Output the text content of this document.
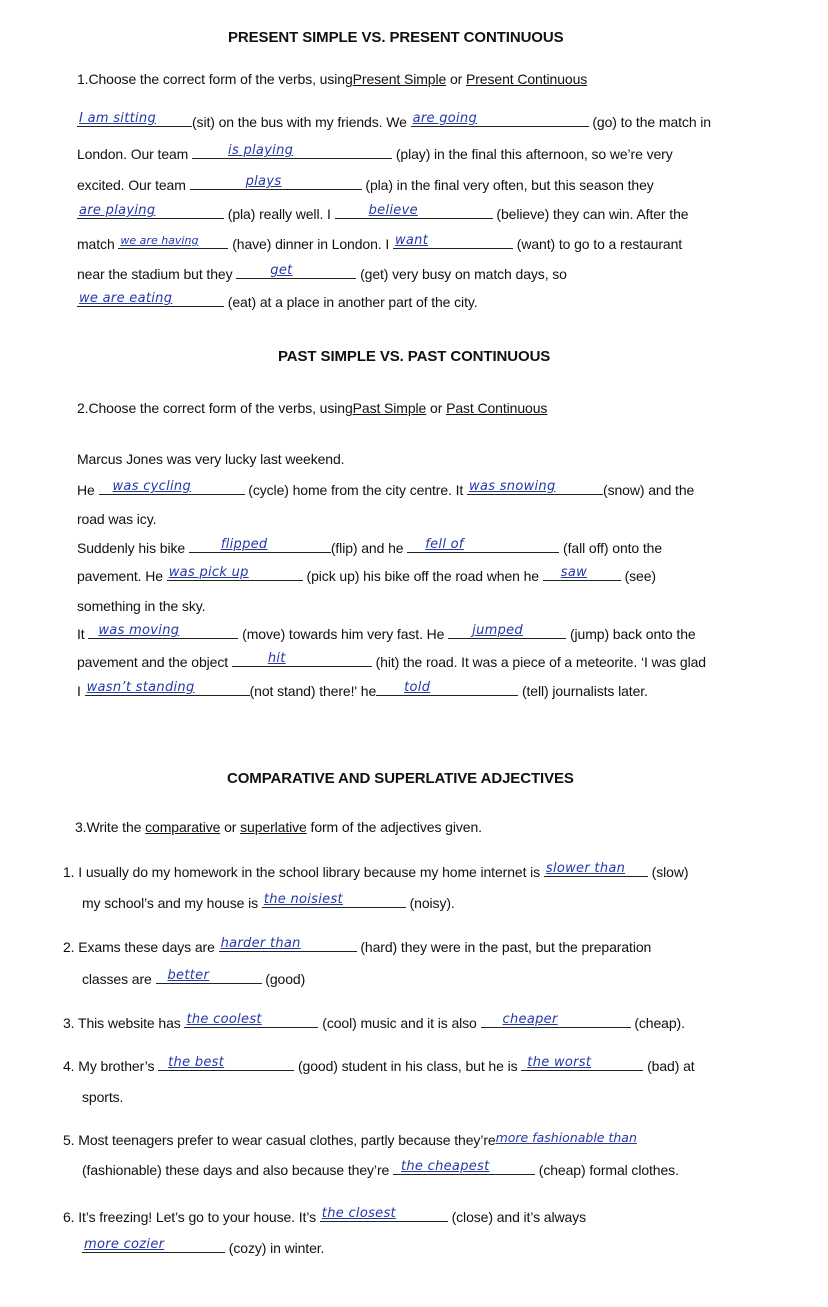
PRESENT SIMPLE VS. PRESENT CONTINUOUS
1.Choose the correct form of the verbs, usingPresent Simple or Present Continuous
I am sitting	(sit) on the bus with my friends. We are going	(go) to the match in
London. Our team	is playing	(play) in the final this afternoon, so we’re very
excited. Our team	plays	(pla) in the final very often, but this season they
are playing	(pla) really well. I	believe	(believe) they can win. After the
match we are having (have) dinner in London. I want	(want) to go to a restaurant
near the stadium but they	get	(get) very busy on match days, so
we are eating	(eat) at a place in another part of the city.
PAST SIMPLE VS. PAST CONTINUOUS
2.Choose the correct form of the verbs, usingPast Simple or Past Continuous
Marcus Jones was very lucky last weekend.
He was cycling	(cycle) home from the city centre. It was snowing	(snow) and the
road was icy.
Suddenly his bike flipped	(flip) and he fell of	(fall off) onto the
pavement. He was pick up	(pick up) his bike off the road when he saw	(see)
something in the sky.
It was moving	(move) towards him very fast. He jumped	(jump) back onto the
pavement and the object	hit	(hit) the road. It was a piece of a meteorite. ‘I was glad
I wasn’t standing	(not stand) there!' he told	(tell) journalists later.
COMPARATIVE AND SUPERLATIVE ADJECTIVES
3.Write the comparative or superlative form of the adjectives given.
1. I usually do my homework in the school library because my home internet is slower than (slow)
my school’s and my house is the noisiest	(noisy).
2. Exams these days are harder than	(hard) they were in the past, but the preparation
classes are better	(good)
3. This website has the coolest	(cool) music and it is also cheaper	(cheap).
4. My brother’s the best	(good) student in his class, but he is the worst	(bad) at
sports.
5. Most teenagers prefer to wear casual clothes, partly because they’re more fashionable than
(fashionable) these days and also because they’re the cheapest	(cheap) formal clothes.
6. It’s freezing! Let’s go to your house. It’s the closest	(close) and it’s always
more cozier	(cozy) in winter.
